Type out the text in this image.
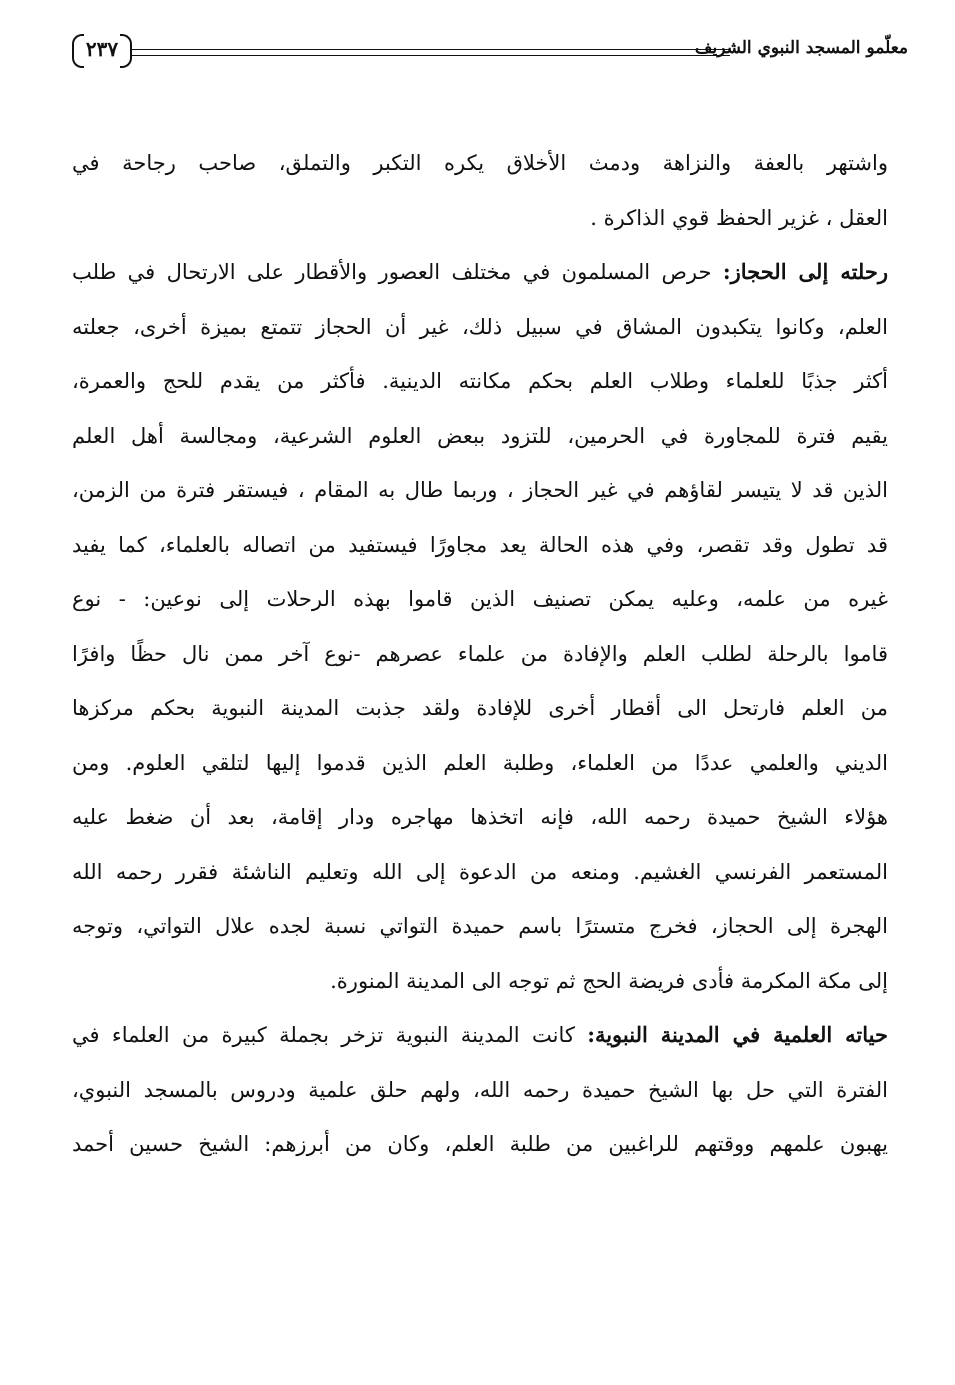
٢٣٧	معلّمو المسجد النبوي الشريف
واشتهر بالعفة والنزاهة ودمث الأخلاق يكره التكبر والتملق، صاحب رجاحة في
العقل ، غزير الحفظ قوي الذاكرة .
رحلته إلى الحجاز: حرص المسلمون في مختلف العصور والأقطار على الارتحال في طلب
العلم، وكانوا يتكبدون المشاق في سبيل ذلك، غير أن الحجاز تتمتع بميزة أخرى، جعلته
أكثر جذبًا للعلماء وطلاب العلم بحكم مكانته الدينية. فأكثر من يقدم للحج والعمرة،
يقيم فترة للمجاورة في الحرمين، للتزود ببعض العلوم الشرعية، ومجالسة أهل العلم
الذين قد لا يتيسر لقاؤهم في غير الحجاز ، وربما طال به المقام ، فيستقر فترة من الزمن،
قد تطول وقد تقصر، وفي هذه الحالة يعد مجاورًا فيستفيد من اتصاله بالعلماء، كما يفيد
غيره من علمه، وعليه يمكن تصنيف الذين قاموا بهذه الرحلات إلى نوعين: - نوع
قاموا بالرحلة لطلب العلم والإفادة من علماء عصرهم -نوع آخر ممن نال حظًا وافرًا
من العلم فارتحل الى أقطار أخرى للإفادة ولقد جذبت المدينة النبوية بحكم مركزها
الديني والعلمي عددًا من العلماء، وطلبة العلم الذين قدموا إليها لتلقي العلوم. ومن
هؤلاء الشيخ حميدة رحمه الله، فإنه اتخذها مهاجره ودار إقامة، بعد أن ضغط عليه
المستعمر الفرنسي الغشيم. ومنعه من الدعوة إلى الله وتعليم الناشئة فقرر رحمه الله
الهجرة إلى الحجاز، فخرج متسترًا باسم حميدة التواتي نسبة لجده علال التواتي، وتوجه
إلى مكة المكرمة فأدى فريضة الحج ثم توجه الى المدينة المنورة.
حياته العلمية في المدينة النبوية: كانت المدينة النبوية تزخر بجملة كبيرة من العلماء في
الفترة التي حل بها الشيخ حميدة رحمه الله، ولهم حلق علمية ودروس بالمسجد النبوي،
يهبون علمهم ووقتهم للراغبين من طلبة العلم، وكان من أبرزهم: الشيخ حسين أحمد
